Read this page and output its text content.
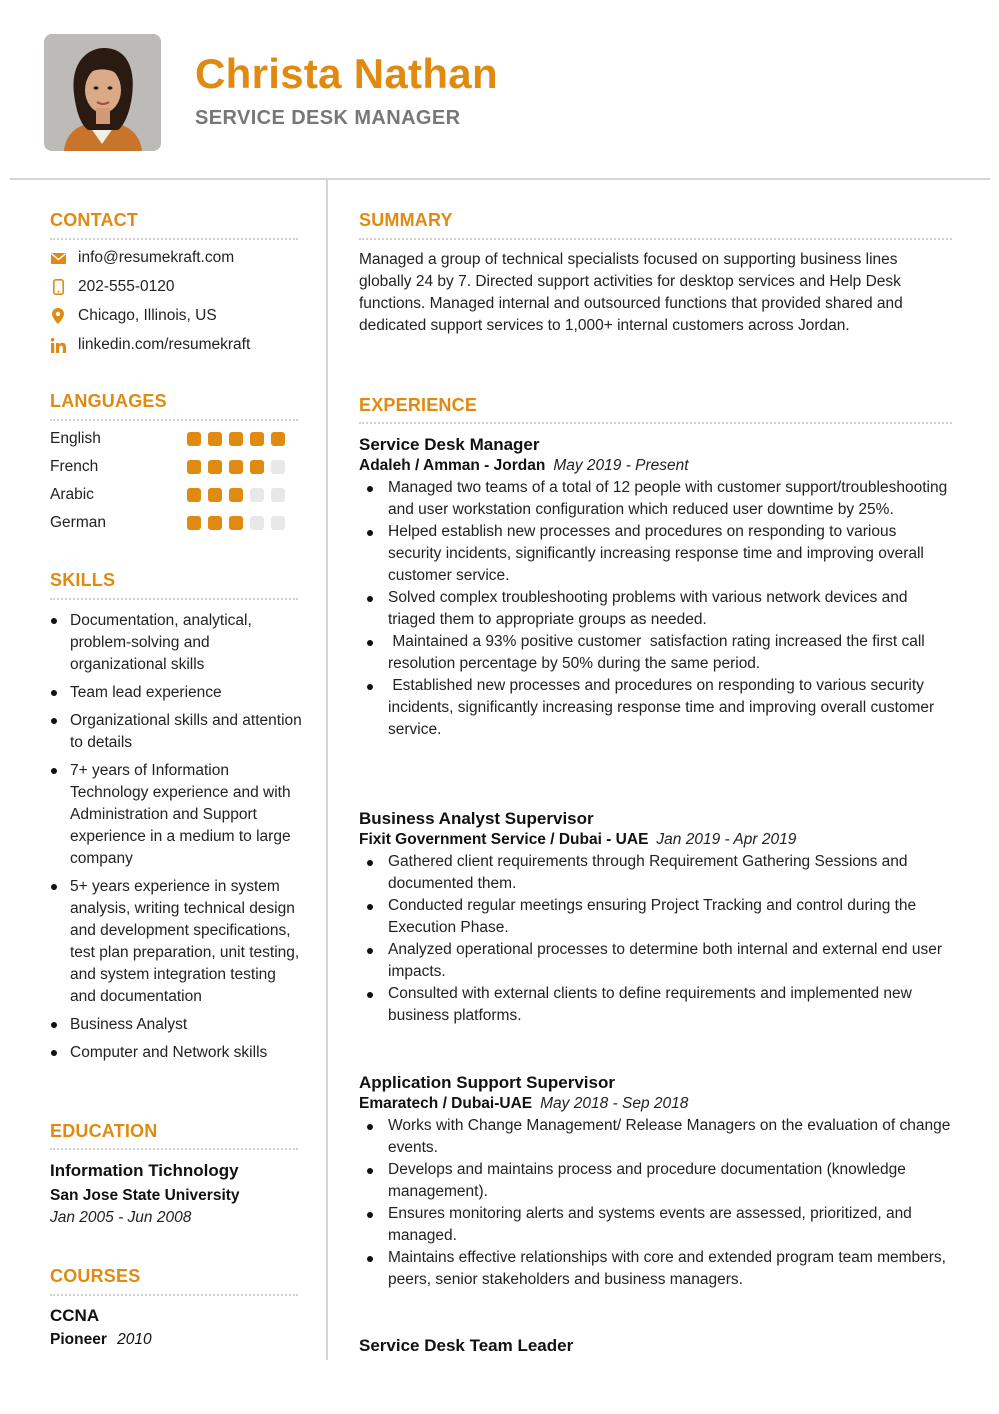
Christa Nathan
SERVICE DESK MANAGER
CONTACT
info@resumekraft.com
202-555-0120
Chicago, Illinois, US
linkedin.com/resumekraft
LANGUAGES
English
French
Arabic
German
SKILLS
Documentation, analytical, problem-solving and organizational skills
Team lead experience
Organizational skills and attention to details
7+ years of Information Technology experience and with Administration and Support experience in a medium to large company
5+ years experience in system analysis, writing technical design and development specifications, test plan preparation, unit testing, and system integration testing and documentation
Business Analyst
Computer and Network skills
EDUCATION
Information Tichnology
San Jose State University
Jan 2005 - Jun 2008
COURSES
CCNA
Pioneer 2010
SUMMARY
Managed a group of technical specialists focused on supporting business lines globally 24 by 7. Directed support activities for desktop services and Help Desk functions. Managed internal and outsourced functions that provided shared and dedicated support services to 1,000+ internal customers across Jordan.
EXPERIENCE
Service Desk Manager
Adaleh / Amman - Jordan May 2019 - Present
Managed two teams of a total of 12 people with customer support/troubleshooting and user workstation configuration which reduced user downtime by 25%.
Helped establish new processes and procedures on responding to various security incidents, significantly increasing response time and improving overall customer service.
Solved complex troubleshooting problems with various network devices and triaged them to appropriate groups as needed.
Maintained a 93% positive customer  satisfaction rating increased the first call resolution percentage by 50% during the same period.
Established new processes and procedures on responding to various security incidents, significantly increasing response time and improving overall customer service.
Business Analyst Supervisor
Fixit Government Service / Dubai - UAE Jan 2019 - Apr 2019
Gathered client requirements through Requirement Gathering Sessions and documented them.
Conducted regular meetings ensuring Project Tracking and control during the Execution Phase.
Analyzed operational processes to determine both internal and external end user impacts.
Consulted with external clients to define requirements and implemented new business platforms.
Application Support Supervisor
Emaratech / Dubai-UAE May 2018 - Sep 2018
Works with Change Management/ Release Managers on the evaluation of change events.
Develops and maintains process and procedure documentation (knowledge management).
Ensures monitoring alerts and systems events are assessed, prioritized, and managed.
Maintains effective relationships with core and extended program team members, peers, senior stakeholders and business managers.
Service Desk Team Leader
